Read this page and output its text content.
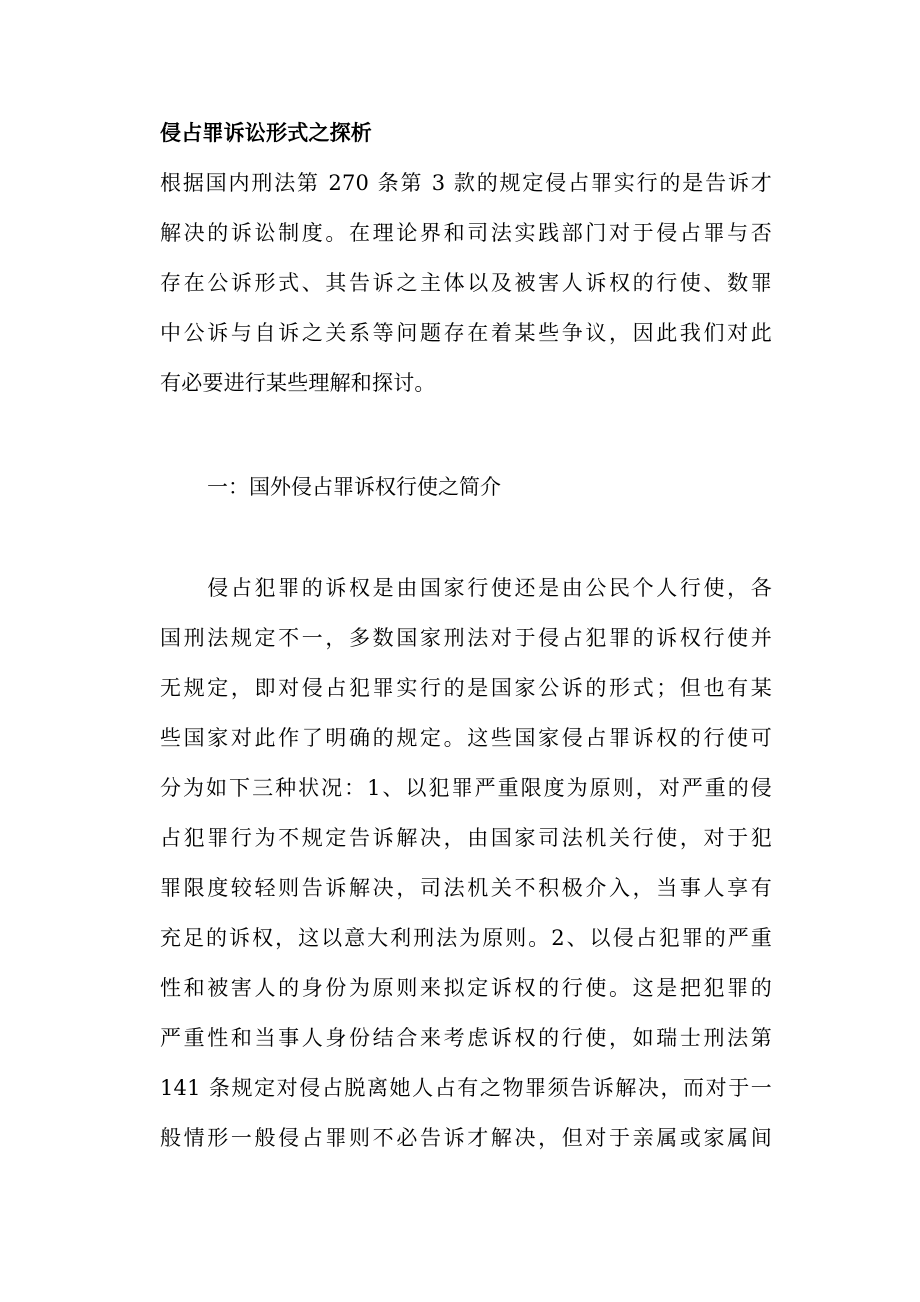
侵占罪诉讼形式之探析
根据国内刑法第 270 条第 3 款的规定侵占罪实行的是告诉才
解决的诉讼制度。在理论界和司法实践部门对于侵占罪与否
存在公诉形式、其告诉之主体以及被害人诉权的行使、数罪
中公诉与自诉之关系等问题存在着某些争议，因此我们对此
有必要进行某些理解和探讨。
一：国外侵占罪诉权行使之简介
　　侵占犯罪的诉权是由国家行使还是由公民个人行使，各
国刑法规定不一，多数国家刑法对于侵占犯罪的诉权行使并
无规定，即对侵占犯罪实行的是国家公诉的形式；但也有某
些国家对此作了明确的规定。这些国家侵占罪诉权的行使可
分为如下三种状况：1、以犯罪严重限度为原则，对严重的侵
占犯罪行为不规定告诉解决，由国家司法机关行使，对于犯
罪限度较轻则告诉解决，司法机关不积极介入，当事人享有
充足的诉权，这以意大利刑法为原则。2、以侵占犯罪的严重
性和被害人的身份为原则来拟定诉权的行使。这是把犯罪的
严重性和当事人身份结合来考虑诉权的行使，如瑞士刑法第
141 条规定对侵占脱离她人占有之物罪须告诉解决，而对于一
般情形一般侵占罪则不必告诉才解决，但对于亲属或家属间
